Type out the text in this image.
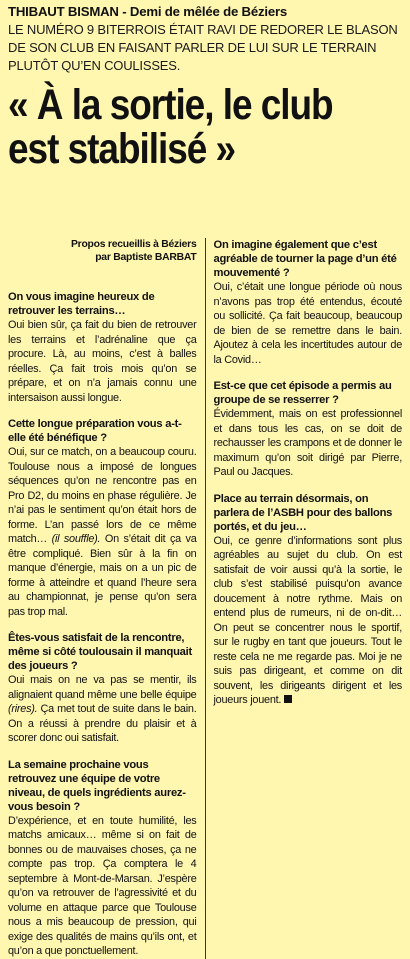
THIBAUT BISMAN - Demi de mêlée de Béziers
LE NUMÉRO 9 BITERROIS ÉTAIT RAVI DE REDORER LE BLASON DE SON CLUB EN FAISANT PARLER DE LUI SUR LE TERRAIN PLUTÔT QU’EN COULISSES.
« À la sortie, le club
est stabilisé »
Propos recueillis à Béziers
par Baptiste BARBAT
On vous imagine heureux de retrouver les terrains…
Oui bien sûr, ça fait du bien de retrouver les terrains et l’adrénaline que ça procure. Là, au moins, c’est à balles réelles. Ça fait trois mois qu’on se prépare, et on n’a jamais connu une intersaison aussi longue.
Cette longue préparation vous a-t-elle été bénéfique ?
Oui, sur ce match, on a beaucoup couru. Toulouse nous a imposé de longues séquences qu’on ne rencontre pas en Pro D2, du moins en phase régulière. Je n’ai pas le sentiment qu’on était hors de forme. L’an passé lors de ce même match… (il souffle). On s’était dit ça va être compliqué. Bien sûr à la fin on manque d’énergie, mais on a un pic de forme à atteindre et quand l’heure sera au championnat, je pense qu’on sera pas trop mal.
Êtes-vous satisfait de la rencontre, même si côté toulousain il manquait des joueurs ?
Oui mais on ne va pas se mentir, ils alignaient quand même une belle équipe (rires). Ça met tout de suite dans le bain. On a réussi à prendre du plaisir et à scorer donc oui satisfait.
La semaine prochaine vous retrouvez une équipe de votre niveau, de quels ingrédients aurez-vous besoin ?
D’expérience, et en toute humilité, les matchs amicaux… même si on fait de bonnes ou de mauvaises choses, ça ne compte pas trop. Ça comptera le 4 septembre à Mont-de-Marsan. J’espère qu’on va retrouver de l’agressivité et du volume en attaque parce que Toulouse nous a mis beaucoup de pression, qui exige des qualités de mains qu’ils ont, et qu’on a que ponctuellement.
On imagine également que c’est agréable de tourner la page d’un été mouvementé ?
Oui, c’était une longue période où nous n’avons pas trop été entendus, écouté ou sollicité. Ça fait beaucoup, beaucoup de bien de se remettre dans le bain. Ajoutez à cela les incertitudes autour de la Covid…
Est-ce que cet épisode a permis au groupe de se resserrer ?
Évidemment, mais on est professionnel et dans tous les cas, on se doit de rechausser les crampons et de donner le maximum qu’on soit dirigé par Pierre, Paul ou Jacques.
Place au terrain désormais, on parlera de l’ASBH pour des ballons portés, et du jeu…
Oui, ce genre d’informations sont plus agréables au sujet du club. On est satisfait de voir aussi qu’à la sortie, le club s’est stabilisé puisqu’on avance doucement à notre rythme. Mais on entend plus de rumeurs, ni de on-dit… On peut se concentrer nous le sportif, sur le rugby en tant que joueurs. Tout le reste cela ne me regarde pas. Moi je ne suis pas dirigeant, et comme on dit souvent, les dirigeants dirigent et les joueurs jouent.
